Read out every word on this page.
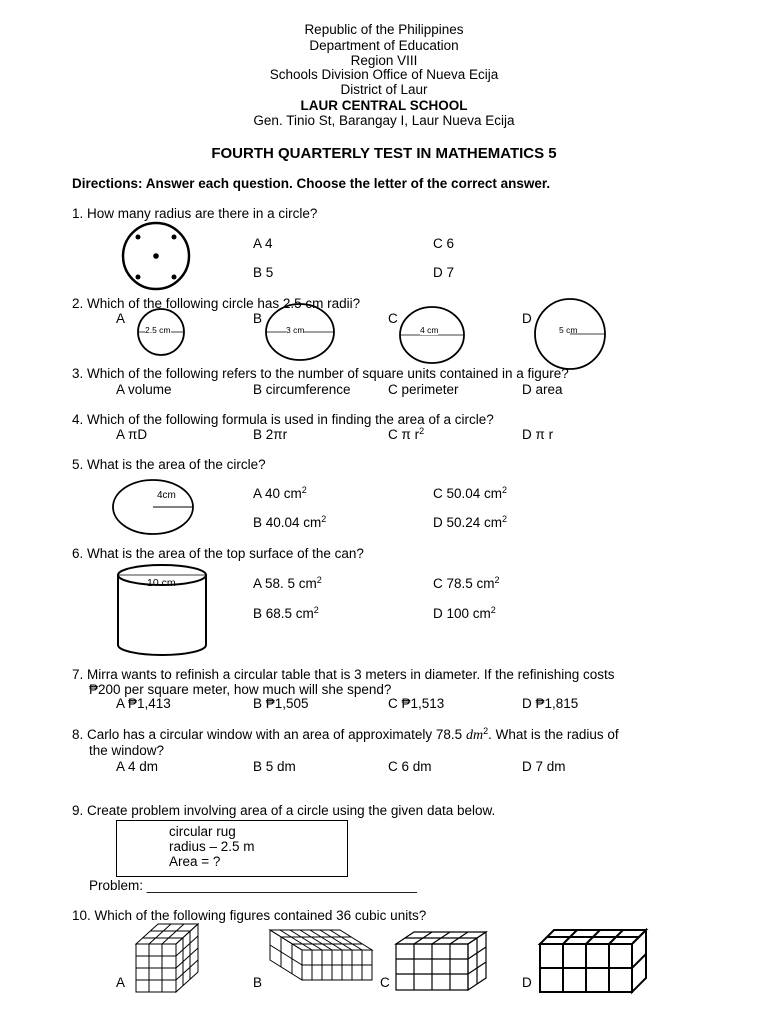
Republic of the Philippines
Department of Education
Region VIII
Schools Division Office of Nueva Ecija
District of Laur
LAUR CENTRAL SCHOOL
Gen. Tinio St, Barangay I, Laur Nueva Ecija
FOURTH QUARTERLY TEST IN MATHEMATICS 5
Directions: Answer each question. Choose the letter of the correct answer.
1. How many radius are there in a circle?
A 4	C 6
B 5	D 7
2. Which of the following circle has 2.5 cm radii?
A	B	C	D
2.5 cm	3 cm	4 cm	5 cm
3. Which of the following refers to the number of square units contained in a figure?
A volume	B circumference	C perimeter	D area
4. Which of the following formula is used in finding the area of a circle?
A πD	B 2πr	C π $r^2$	D π r
5. What is the area of the circle?
4cm	A 40 $cm^2$	C 50.04 $cm^2$
B 40.04 $cm^2$	D 50.24 $cm^2$
6. What is the area of the top surface of the can?
10 cm	A 58. 5 $cm^2$	C 78.5 $cm^2$
B 68.5 $cm^2$	D 100 $cm^2$
7. Mirra wants to refinish a circular table that is 3 meters in diameter. If the refinishing costs
₱200 per square meter, how much will she spend?
A ₱1,413	B ₱1,505	C ₱1,513	D ₱1,815
8. Carlo has a circular window with an area of approximately 78.5 $dm^2$. What is the radius of
the window?
A 4 dm	B 5 dm	C 6 dm	D 7 dm
9. Create problem involving area of a circle using the given data below.
circular rug
radius – 2.5 m
Area = ?
Problem: ____________________________________
10. Which of the following figures contained 36 cubic units?
A	B	C	D
